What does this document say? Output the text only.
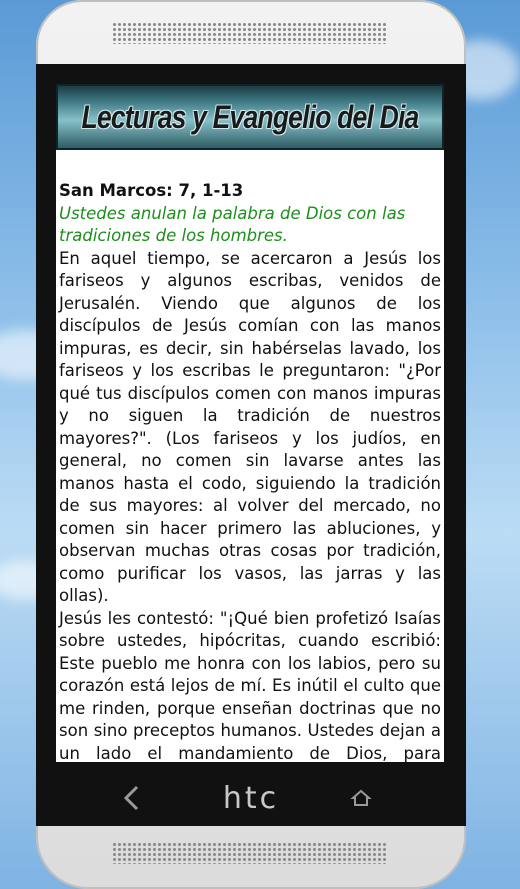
Lecturas y Evangelio del Dia

San Marcos: 7, 1-13

Ustedes anulan la palabra de Dios con las tradiciones de los hombres.

En aquel tiempo, se acercaron a Jesús los fariseos y algunos escribas, venidos de Jerusalén. Viendo que algunos de los discípulos de Jesús comían con las manos impuras, es decir, sin habérselas lavado, los fariseos y los escribas le preguntaron: "¿Por qué tus discípulos comen con manos impuras y no siguen la tradición de nuestros mayores?". (Los fariseos y los judíos, en general, no comen sin lavarse antes las manos hasta el codo, siguiendo la tradición de sus mayores: al volver del mercado, no comen sin hacer primero las abluciones, y observan muchas otras cosas por tradición, como purificar los vasos, las jarras y las ollas).

Jesús les contestó: "¡Qué bien profetizó Isaías sobre ustedes, hipócritas, cuando escribió: Este pueblo me honra con los labios, pero su corazón está lejos de mí. Es inútil el culto que me rinden, porque enseñan doctrinas que no son sino preceptos humanos. Ustedes dejan a un lado el mandamiento de Dios, para aferrarse a las

htc
